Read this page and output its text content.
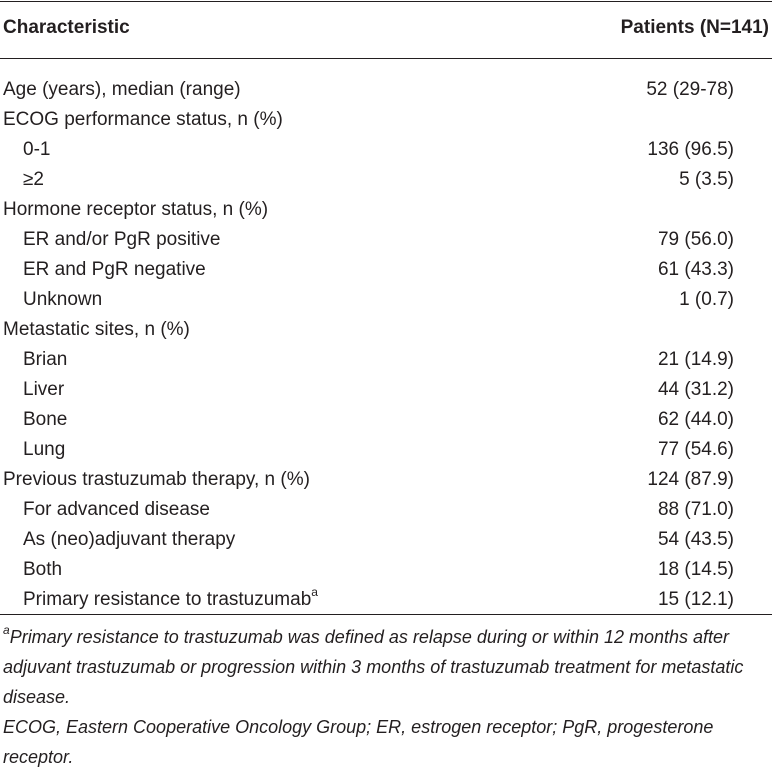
Characteristic	Patients (N=141)
Age (years), median (range)	52 (29-78)
ECOG performance status, n (%)
0-1	136 (96.5)
≥2	5 (3.5)
Hormone receptor status, n (%)
ER and/or PgR positive	79 (56.0)
ER and PgR negative	61 (43.3)
Unknown	1 (0.7)
Metastatic sites, n (%)
Brian	21 (14.9)
Liver	44 (31.2)
Bone	62 (44.0)
Lung	77 (54.6)
Previous trastuzumab therapy, n (%)	124 (87.9)
For advanced disease	88 (71.0)
As (neo)adjuvant therapy	54 (43.5)
Both	18 (14.5)
Primary resistance to trastuzumab$^a$	15 (12.1)
$^a$Primary resistance to trastuzumab was defined as relapse during or within 12 months after adjuvant trastuzumab or progression within 3 months of trastuzumab treatment for metastatic disease.
ECOG, Eastern Cooperative Oncology Group; ER, estrogen receptor; PgR, progesterone receptor.
